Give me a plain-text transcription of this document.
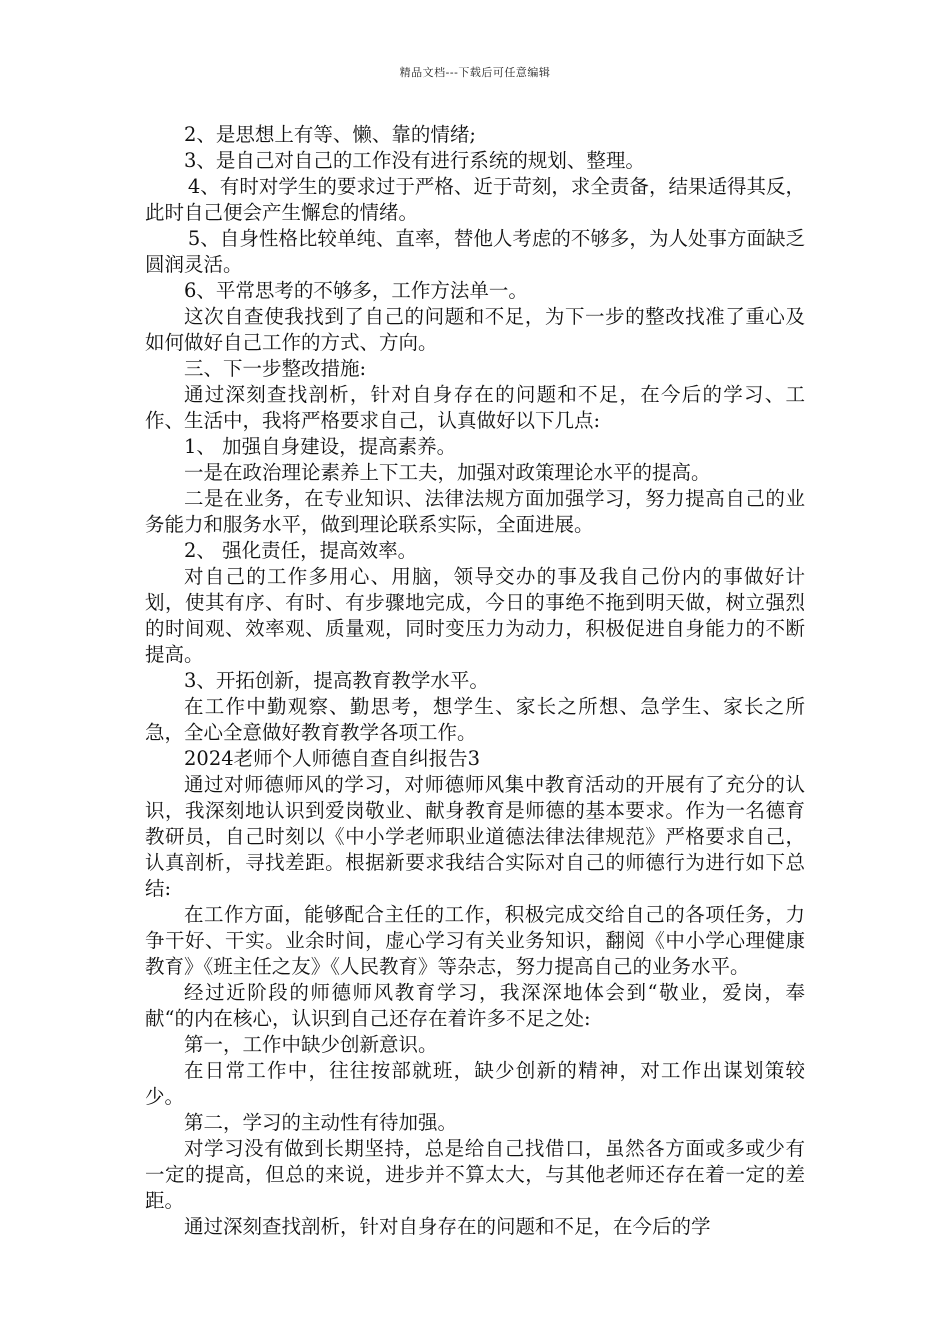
精品文档---下载后可任意编辑

2、是思想上有等、懒、靠的情绪;

3、是自己对自己的工作没有进行系统的规划、整理。

4、有时对学生的要求过于严格、近于苛刻，求全责备，结果适得其反，此时自己便会产生懈怠的情绪。

5、自身性格比较单纯、直率，替他人考虑的不够多，为人处事方面缺乏圆润灵活。

6、平常思考的不够多，工作方法单一。

这次自查使我找到了自己的问题和不足，为下一步的整改找准了重心及如何做好自己工作的方式、方向。

三、下一步整改措施:

通过深刻查找剖析，针对自身存在的问题和不足，在今后的学习、工作、生活中，我将严格要求自己，认真做好以下几点:

1、 加强自身建设，提高素养。

一是在政治理论素养上下工夫，加强对政策理论水平的提高。

二是在业务，在专业知识、法律法规方面加强学习，努力提高自己的业务能力和服务水平，做到理论联系实际，全面进展。

2、 强化责任，提高效率。

对自己的工作多用心、用脑，领导交办的事及我自己份内的事做好计划，使其有序、有时、有步骤地完成，今日的事绝不拖到明天做，树立强烈的时间观、效率观、质量观，同时变压力为动力，积极促进自身能力的不断提高。

3、开拓创新，提高教育教学水平。

在工作中勤观察、勤思考，想学生、家长之所想、急学生、家长之所急，全心全意做好教育教学各项工作。

2024老师个人师德自查自纠报告3

通过对师德师风的学习，对师德师风集中教育活动的开展有了充分的认识，我深刻地认识到爱岗敬业、献身教育是师德的基本要求。作为一名德育教研员，自己时刻以《中小学老师职业道德法律法律规范》严格要求自己，认真剖析，寻找差距。根据新要求我结合实际对自己的师德行为进行如下总结:

在工作方面，能够配合主任的工作，积极完成交给自己的各项任务，力争干好、干实。业余时间，虚心学习有关业务知识，翻阅《中小学心理健康教育》《班主任之友》《人民教育》等杂志，努力提高自己的业务水平。

经过近阶段的师德师风教育学习，我深深地体会到“敬业，爱岗，奉献“的内在核心，认识到自己还存在着许多不足之处:

第一，工作中缺少创新意识。

在日常工作中，往往按部就班，缺少创新的精神，对工作出谋划策较少。

第二，学习的主动性有待加强。

对学习没有做到长期坚持，总是给自己找借口，虽然各方面或多或少有一定的提高，但总的来说，进步并不算太大，与其他老师还存在着一定的差距。

通过深刻查找剖析，针对自身存在的问题和不足，在今后的学
